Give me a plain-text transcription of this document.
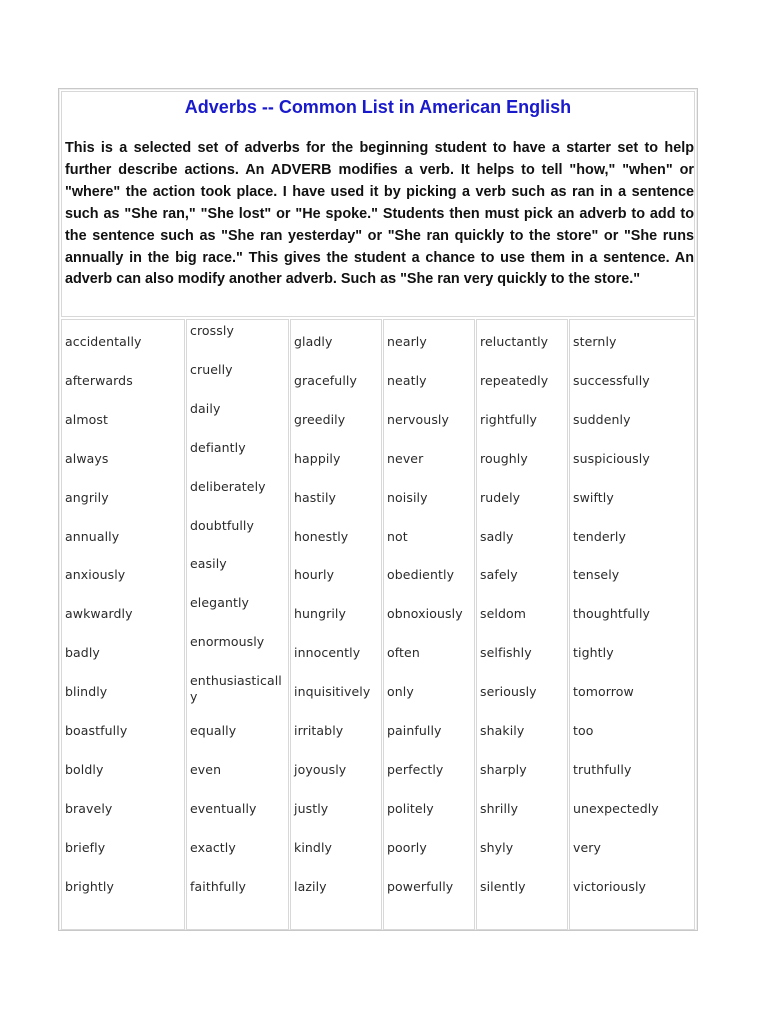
Adverbs -- Common List in American English

This is a selected set of adverbs for the beginning student to have a starter set to help further describe actions. An ADVERB modifies a verb. It helps to tell "how," "when" or "where" the action took place. I have used it by picking a verb such as ran in a sentence such as "She ran," "She lost" or "He spoke." Students then must pick an adverb to add to the sentence such as "She ran yesterday" or "She ran quickly to the store" or "She runs annually in the big race." This gives the student a chance to use them in a sentence. An adverb can also modify another adverb. Such as "She ran very quickly to the store."

accidentally
afterwards
almost
always
angrily
annually
anxiously
awkwardly
badly
blindly
boastfully
boldly
bravely
briefly
brightly
crossly
cruelly
daily
defiantly
deliberately
doubtfully
easily
elegantly
enormously
enthusiastically
equally
even
eventually
exactly
faithfully
gladly
gracefully
greedily
happily
hastily
honestly
hourly
hungrily
innocently
inquisitively
irritably
joyously
justly
kindly
lazily
nearly
neatly
nervously
never
noisily
not
obediently
obnoxiously
often
only
painfully
perfectly
politely
poorly
powerfully
reluctantly
repeatedly
rightfully
roughly
rudely
sadly
safely
seldom
selfishly
seriously
shakily
sharply
shrilly
shyly
silently
sternly
successfully
suddenly
suspiciously
swiftly
tenderly
tensely
thoughtfully
tightly
tomorrow
too
truthfully
unexpectedly
very
victoriously
